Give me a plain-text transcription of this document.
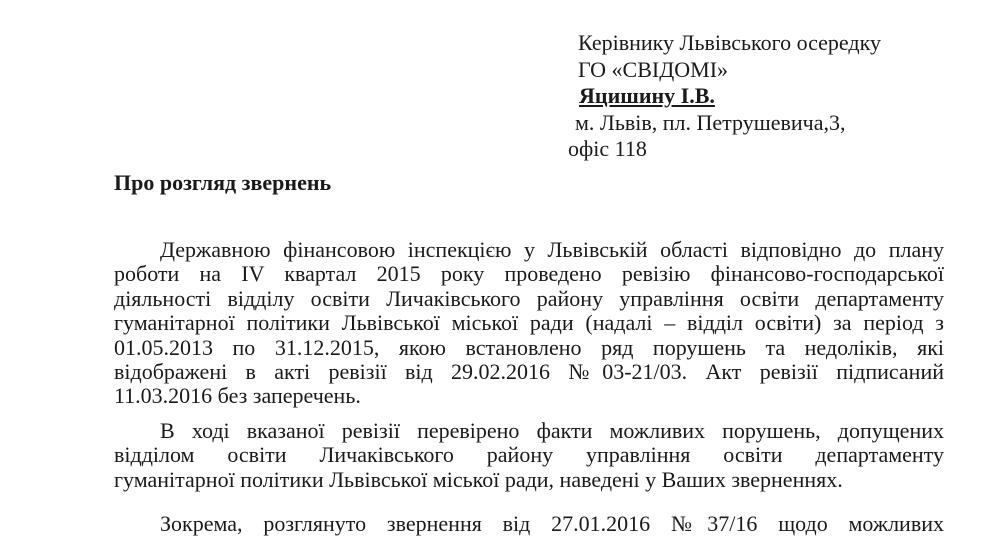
Керівнику Львівського осередку
ГО «СВІДОМІ»
Яцишину І.В.
м. Львів, пл. Петрушевича,3,
офіс 118
Про розгляд звернень
Державною фінансовою інспекцією у Львівській області відповідно до плану
роботи на IV квартал 2015 року проведено ревізію фінансово-господарської
діяльності відділу освіти Личаківського району управління освіти департаменту
гуманітарної політики Львівської міської ради (надалі – відділ освіти) за період з
01.05.2013 по 31.12.2015, якою встановлено ряд порушень та недоліків, які
відображені в акті ревізії від 29.02.2016 №03-21/03. Акт ревізії підписаний
11.03.2016 без заперечень.
В ході вказаної ревізії перевірено факти можливих порушень, допущених
відділом освіти Личаківського району управління освіти департаменту
гуманітарної політики Львівської міської ради, наведені у Ваших зверненнях.
Зокрема, розглянуто звернення від 27.01.2016 №37/16 щодо можливих
